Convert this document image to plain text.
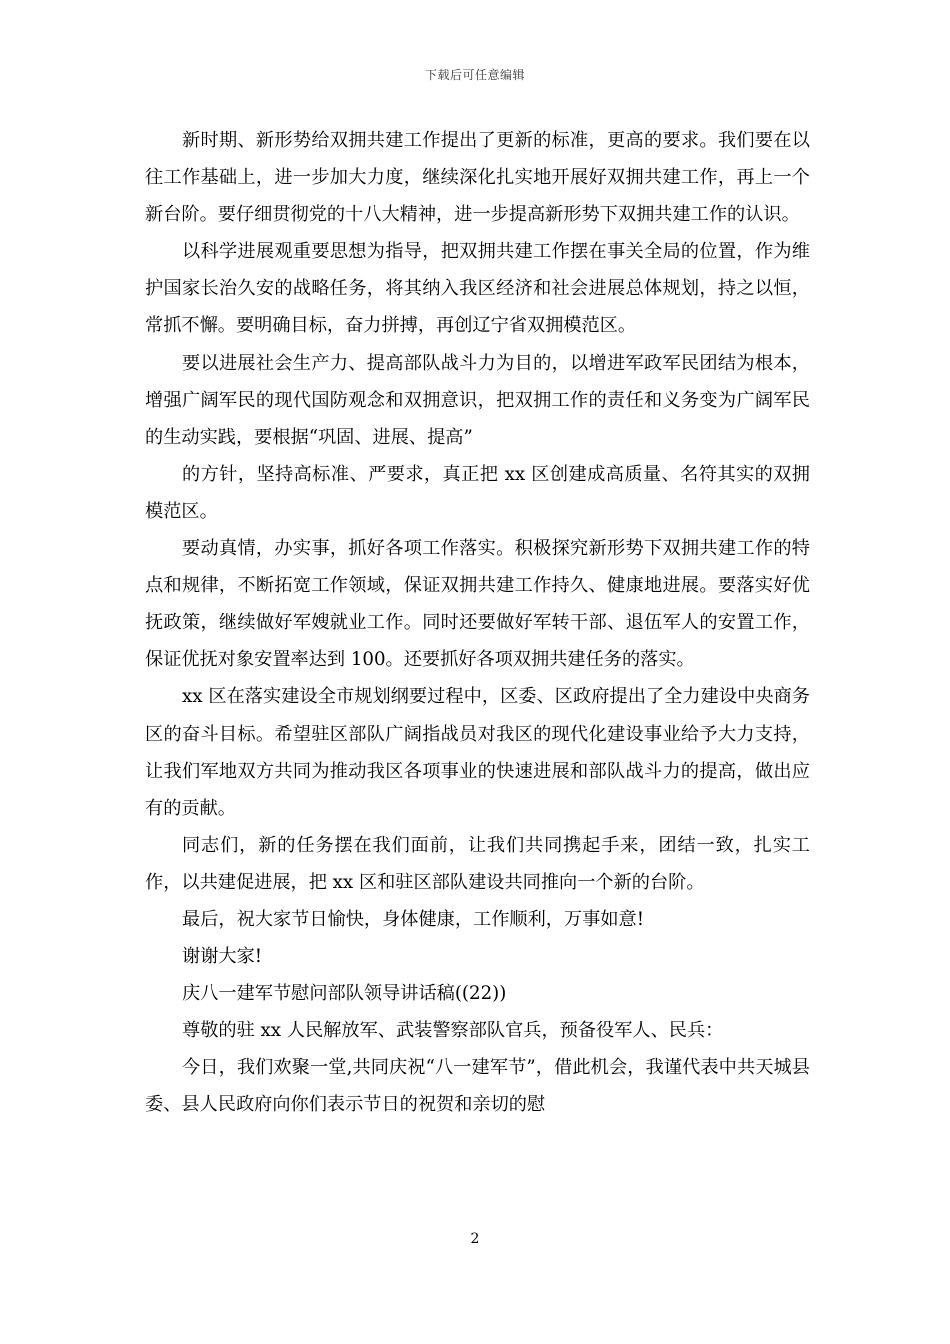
下载后可任意编辑

新时期、新形势给双拥共建工作提出了更新的标准，更高的要求。我们要在以往工作基础上，进一步加大力度，继续深化扎实地开展好双拥共建工作，再上一个新台阶。要仔细贯彻党的十八大精神，进一步提高新形势下双拥共建工作的认识。

以科学进展观重要思想为指导，把双拥共建工作摆在事关全局的位置，作为维护国家长治久安的战略任务，将其纳入我区经济和社会进展总体规划，持之以恒，常抓不懈。要明确目标，奋力拼搏，再创辽宁省双拥模范区。

要以进展社会生产力、提高部队战斗力为目的，以增进军政军民团结为根本，增强广阔军民的现代国防观念和双拥意识，把双拥工作的责任和义务变为广阔军民的生动实践，要根据“巩固、进展、提高”

的方针，坚持高标准、严要求，真正把 xx 区创建成高质量、名符其实的双拥模范区。

要动真情，办实事，抓好各项工作落实。积极探究新形势下双拥共建工作的特点和规律，不断拓宽工作领域，保证双拥共建工作持久、健康地进展。要落实好优抚政策，继续做好军嫂就业工作。同时还要做好军转干部、退伍军人的安置工作，保证优抚对象安置率达到 100。还要抓好各项双拥共建任务的落实。

xx 区在落实建设全市规划纲要过程中，区委、区政府提出了全力建设中央商务区的奋斗目标。希望驻区部队广阔指战员对我区的现代化建设事业给予大力支持，让我们军地双方共同为推动我区各项事业的快速进展和部队战斗力的提高，做出应有的贡献。

同志们，新的任务摆在我们面前，让我们共同携起手来，团结一致，扎实工作，以共建促进展，把 xx 区和驻区部队建设共同推向一个新的台阶。

最后，祝大家节日愉快，身体健康，工作顺利，万事如意!

谢谢大家!

庆八一建军节慰问部队领导讲话稿((22))

尊敬的驻 xx 人民解放军、武装警察部队官兵，预备役军人、民兵：

今日，我们欢聚一堂,共同庆祝“八一建军节”，借此机会，我谨代表中共天城县委、县人民政府向你们表示节日的祝贺和亲切的慰

2
